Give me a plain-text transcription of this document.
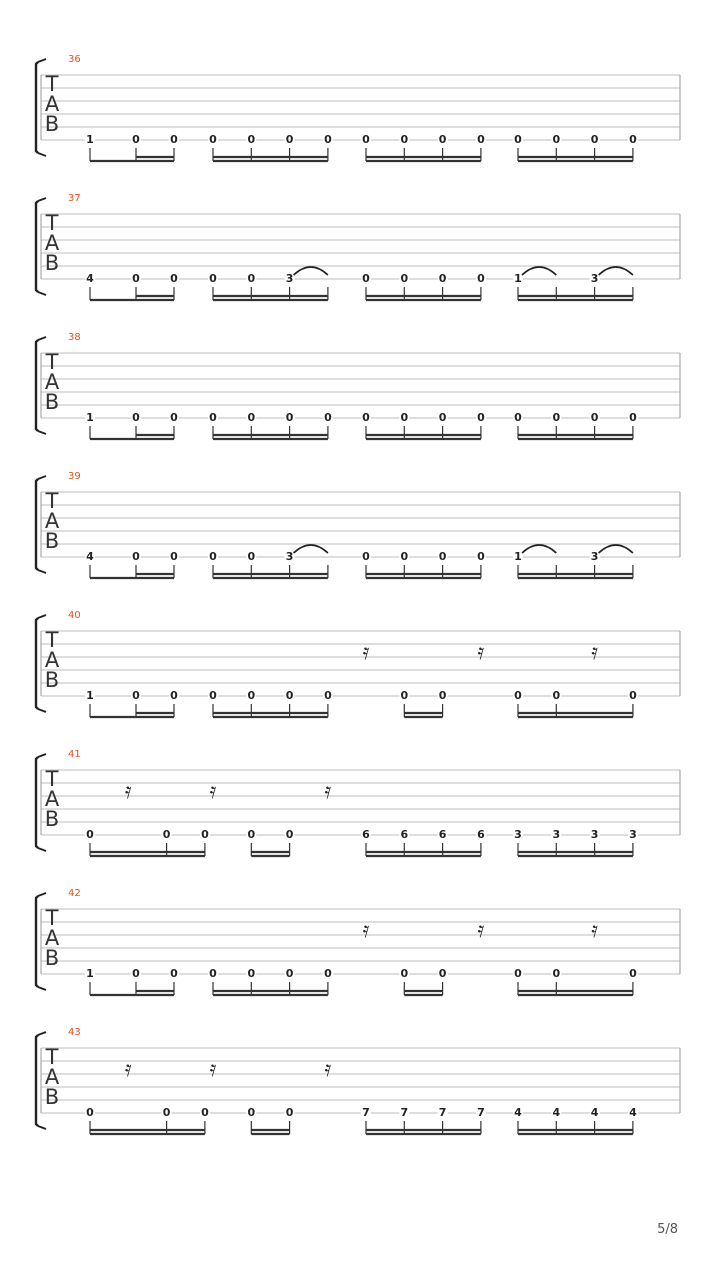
36
T
A
B
1	0	0	0	0	0	0	0	0	0	0	0	0	0	0
37
T
A
B
4	0	0	0	0	3	0	0	0	0	1	3
38
T
A
B
1	0	0	0	0	0	0	0	0	0	0	0	0	0	0
39
T
A
B
4	0	0	0	0	3	0	0	0	0	1	3
40
T
A
B
1	0	0	0	0	0	0
𝄿
0	0
𝄿
0	0
𝄿
0
41
T
A
B
0
𝄿
0	0
𝄿
0	0
𝄿
6	6	6	6	3	3	3	3
42
T
A
B
1	0	0	0	0	0	0
𝄿
0	0
𝄿
0	0
𝄿
0
43
T
A
B
0
𝄿
0	0
𝄿
0	0
𝄿
7	7	7	7	4	4	4	4
5/8
